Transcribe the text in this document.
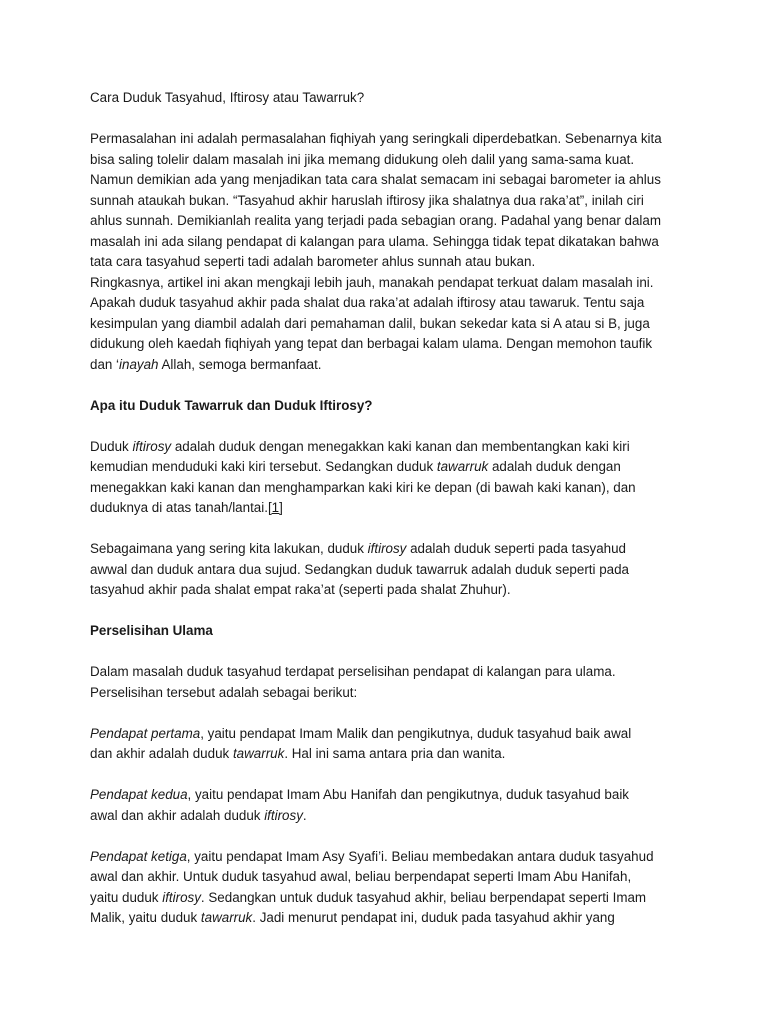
Cara Duduk Tasyahud, Iftirosy atau Tawarruk?

Permasalahan ini adalah permasalahan fiqhiyah yang seringkali diperdebatkan. Sebenarnya kita
bisa saling tolelir dalam masalah ini jika memang didukung oleh dalil yang sama-sama kuat.
Namun demikian ada yang menjadikan tata cara shalat semacam ini sebagai barometer ia ahlus
sunnah ataukah bukan. “Tasyahud akhir haruslah iftirosy jika shalatnya dua raka’at”, inilah ciri
ahlus sunnah. Demikianlah realita yang terjadi pada sebagian orang. Padahal yang benar dalam
masalah ini ada silang pendapat di kalangan para ulama. Sehingga tidak tepat dikatakan bahwa
tata cara tasyahud seperti tadi adalah barometer ahlus sunnah atau bukan.
Ringkasnya, artikel ini akan mengkaji lebih jauh, manakah pendapat terkuat dalam masalah ini.
Apakah duduk tasyahud akhir pada shalat dua raka’at adalah iftirosy atau tawaruk. Tentu saja
kesimpulan yang diambil adalah dari pemahaman dalil, bukan sekedar kata si A atau si B, juga
didukung oleh kaedah fiqhiyah yang tepat dan berbagai kalam ulama. Dengan memohon taufik
dan ‘inayah Allah, semoga bermanfaat.

Apa itu Duduk Tawarruk dan Duduk Iftirosy?

Duduk iftirosy adalah duduk dengan menegakkan kaki kanan dan membentangkan kaki kiri
kemudian menduduki kaki kiri tersebut. Sedangkan duduk tawarruk adalah duduk dengan
menegakkan kaki kanan dan menghamparkan kaki kiri ke depan (di bawah kaki kanan), dan
duduknya di atas tanah/lantai.[1]

Sebagaimana yang sering kita lakukan, duduk iftirosy adalah duduk seperti pada tasyahud
awwal dan duduk antara dua sujud. Sedangkan duduk tawarruk adalah duduk seperti pada
tasyahud akhir pada shalat empat raka’at (seperti pada shalat Zhuhur).

Perselisihan Ulama

Dalam masalah duduk tasyahud terdapat perselisihan pendapat di kalangan para ulama.
Perselisihan tersebut adalah sebagai berikut:

Pendapat pertama, yaitu pendapat Imam Malik dan pengikutnya, duduk tasyahud baik awal
dan akhir adalah duduk tawarruk. Hal ini sama antara pria dan wanita.

Pendapat kedua, yaitu pendapat Imam Abu Hanifah dan pengikutnya, duduk tasyahud baik
awal dan akhir adalah duduk iftirosy.

Pendapat ketiga, yaitu pendapat Imam Asy Syafi’i. Beliau membedakan antara duduk tasyahud
awal dan akhir. Untuk duduk tasyahud awal, beliau berpendapat seperti Imam Abu Hanifah,
yaitu duduk iftirosy. Sedangkan untuk duduk tasyahud akhir, beliau berpendapat seperti Imam
Malik, yaitu duduk tawarruk. Jadi menurut pendapat ini, duduk pada tasyahud akhir yang
